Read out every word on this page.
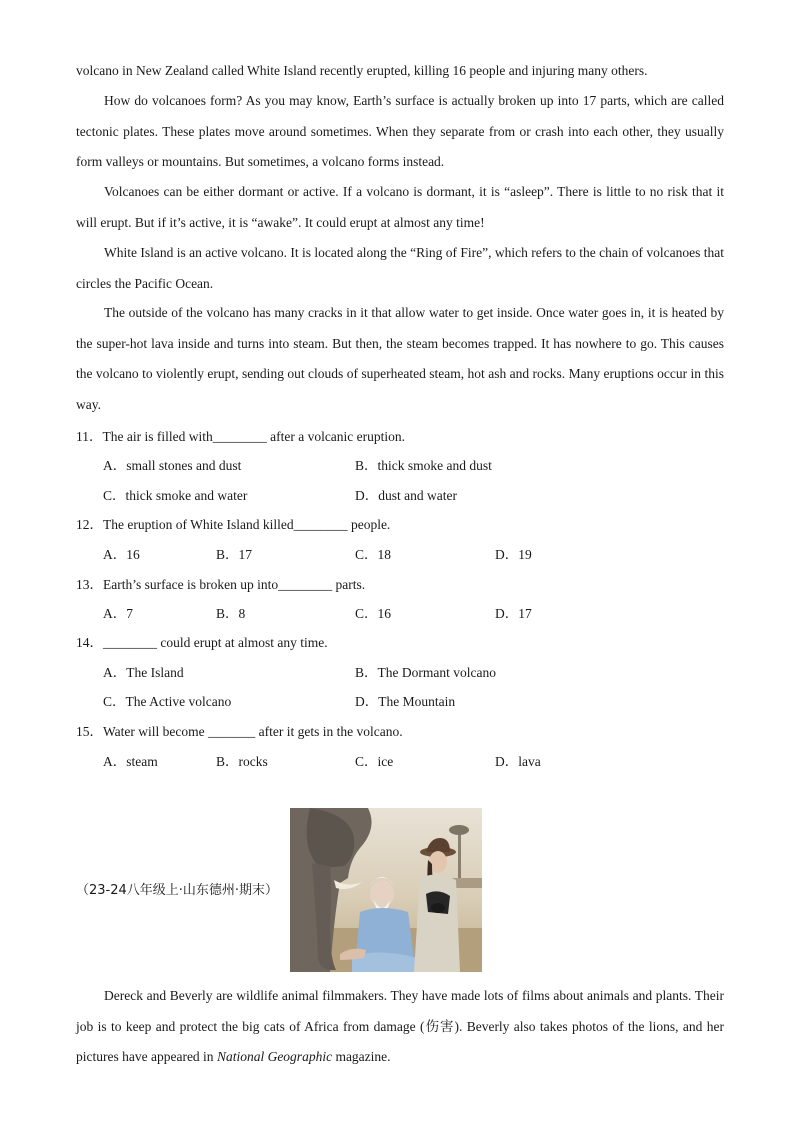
volcano in New Zealand called White Island recently erupted, killing 16 people and injuring many others.

How do volcanoes form? As you may know, Earth’s surface is actually broken up into 17 parts, which are called tectonic plates. These plates move around sometimes. When they separate from or crash into each other, they usually form valleys or mountains. But sometimes, a volcano forms instead.

Volcanoes can be either dormant or active. If a volcano is dormant, it is “asleep”. There is little to no risk that it will erupt. But if it’s active, it is “awake”. It could erupt at almost any time!

White Island is an active volcano. It is located along the “Ring of Fire”, which refers to the chain of volcanoes that circles the Pacific Ocean.

The outside of the volcano has many cracks in it that allow water to get inside. Once water goes in, it is heated by the super-hot lava inside and turns into steam. But then, the steam becomes trapped. It has nowhere to go. This causes the volcano to violently erupt, sending out clouds of superheated steam, hot ash and rocks. Many eruptions occur in this way.

11．The air is filled with________ after a volcanic eruption.

A．small stones and dust	B．thick smoke and dust
C．thick smoke and water	D．dust and water

12．The eruption of White Island killed________ people.

A．16	B．17	C．18	D．19

13．Earth’s surface is broken up into________ parts.

A．7	B．8	C．16	D．17

14．________ could erupt at almost any time.

A．The Island	B．The Dormant volcano
C．The Active volcano	D．The Mountain

15．Water will become _______ after it gets in the volcano.

A．steam	B．rocks	C．ice	D．lava
（23-24八年级上·山东德州·期末）

Dereck and Beverly are wildlife animal filmmakers. They have made lots of films about animals and plants. Their job is to keep and protect the big cats of Africa from damage (伤害). Beverly also takes photos of the lions, and her pictures have appeared in National Geographic magazine.
